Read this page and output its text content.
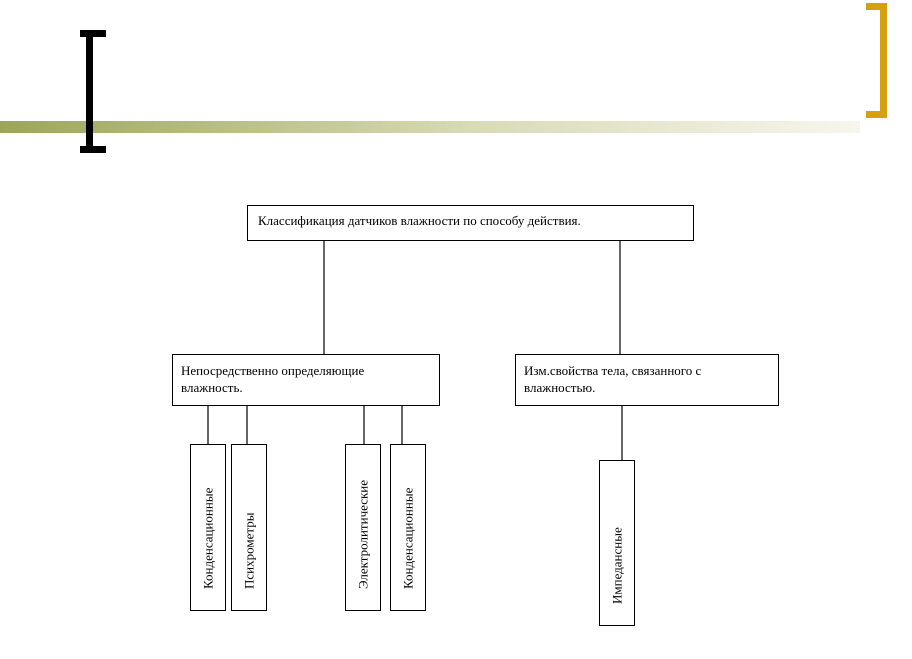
Классификация датчиков влажности по способу действия.
Непосредственно определяющие
влажность.
Изм.свойства тела, связанного с
влажностью.
Конденсационные Психрометры	Электролитические Конденсационные	Импедансные
